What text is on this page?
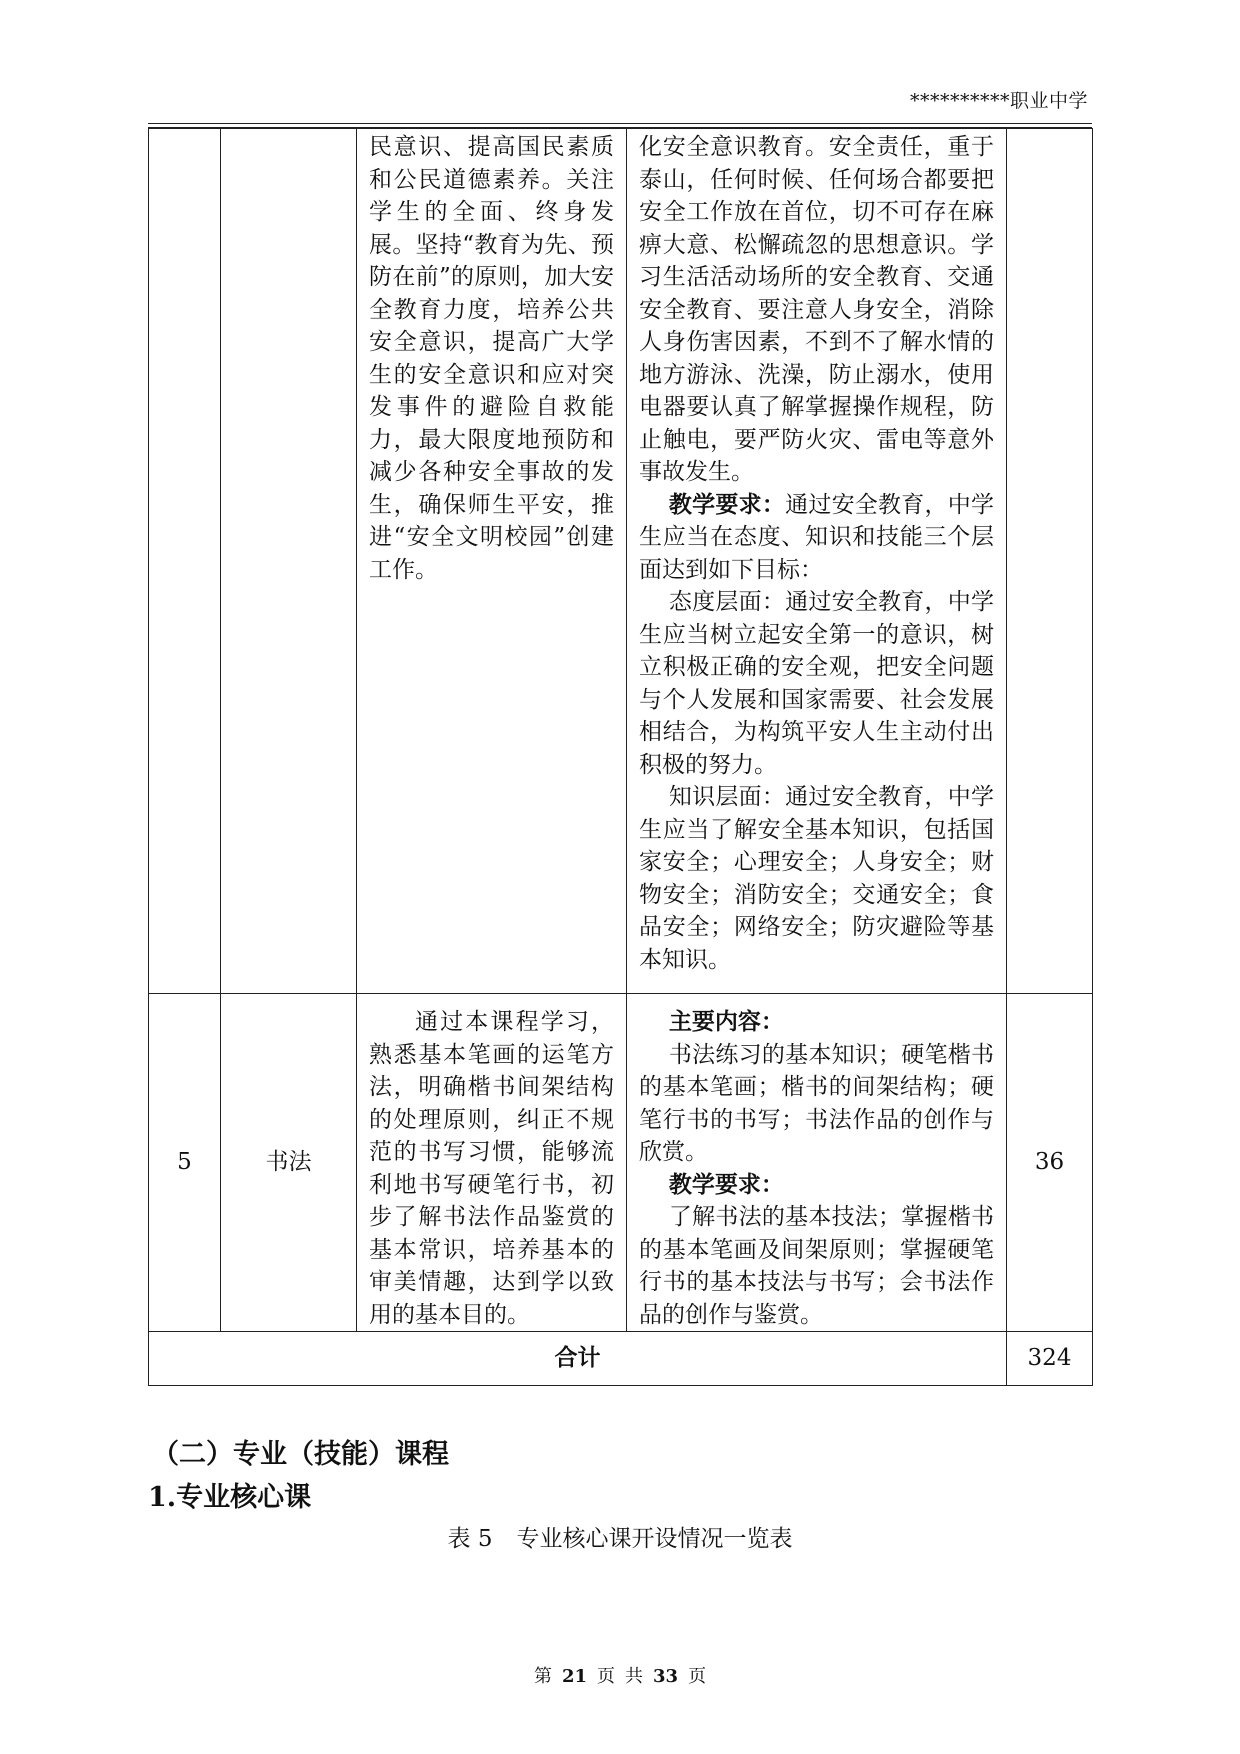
**********职业中学

		民意识、提高国民素质和公民道德素养。关注学生的全面、终身发展。坚持“教育为先、预防在前”的原则，加大安全教育力度，培养公共安全意识，提高广大学生的安全意识和应对突发事件的避险自救能力，最大限度地预防和减少各种安全事故的发生，确保师生平安，推进“安全文明校园”创建工作。	化安全意识教育。安全责任，重于泰山，任何时候、任何场合都要把安全工作放在首位，切不可存在麻痹大意、松懈疏忽的思想意识。学习生活活动场所的安全教育、交通安全教育、要注意人身安全，消除人身伤害因素，不到不了解水情的地方游泳、洗澡，防止溺水，使用电器要认真了解掌握操作规程，防止触电，要严防火灾、雷电等意外事故发生。

教学要求：通过安全教育，中学生应当在态度、知识和技能三个层面达到如下目标：

态度层面：通过安全教育，中学生应当树立起安全第一的意识，树立积极正确的安全观，把安全问题与个人发展和国家需要、社会发展相结合，为构筑平安人生主动付出积极的努力。

知识层面：通过安全教育，中学生应当了解安全基本知识，包括国家安全；心理安全；人身安全；财物安全；消防安全；交通安全；食品安全；网络安全；防灾避险等基本知识。	

5	书法	通过本课程学习，熟悉基本笔画的运笔方法，明确楷书间架结构的处理原则，纠正不规范的书写习惯，能够流利地书写硬笔行书，初步了解书法作品鉴赏的基本常识，培养基本的审美情趣，达到学以致用的基本目的。	主要内容：

书法练习的基本知识；硬笔楷书的基本笔画；楷书的间架结构；硬笔行书的书写；书法作品的创作与欣赏。

教学要求：

了解书法的基本技法；掌握楷书的基本笔画及间架原则；掌握硬笔行书的基本技法与书写；会书法作品的创作与鉴赏。	36
合计				324
（二）专业（技能）课程
1.专业核心课
表 5 专业核心课开设情况一览表
第 21 页 共 33 页
